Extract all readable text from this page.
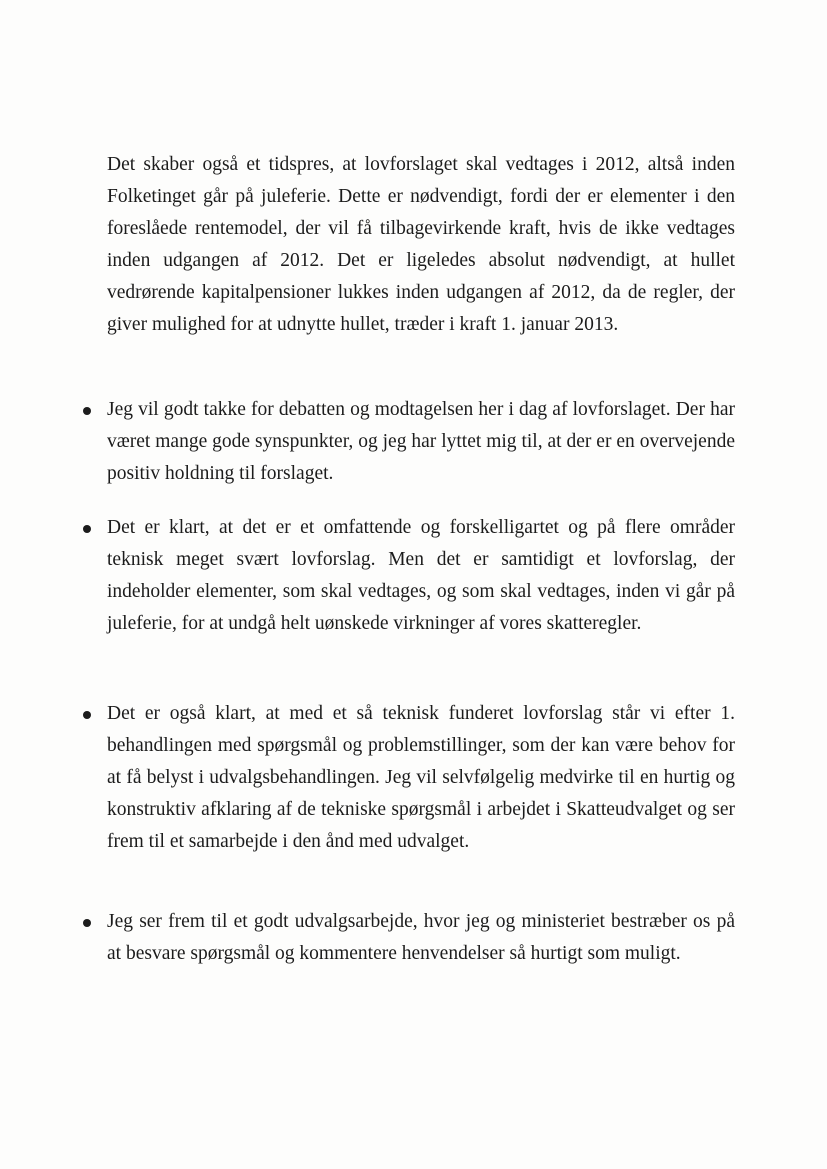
Det skaber også et tidspres, at lovforslaget skal vedtages i 2012, altså inden Folketinget går på juleferie. Dette er nødvendigt, fordi der er elementer i den foreslåede rentemodel, der vil få tilbagevirkende kraft, hvis de ikke vedtages inden udgangen af 2012. Det er ligeledes absolut nødvendigt, at hullet vedrørende kapitalpensioner lukkes inden udgangen af 2012, da de regler, der giver mulighed for at udnytte hullet, træder i kraft 1. januar 2013.

Jeg vil godt takke for debatten og modtagelsen her i dag af lovforslaget. Der har været mange gode synspunkter, og jeg har lyttet mig til, at der er en overvejende positiv holdning til forslaget.

Det er klart, at det er et omfattende og forskelligartet og på flere områder teknisk meget svært lovforslag. Men det er samtidigt et lovforslag, der indeholder elementer, som skal vedtages, og som skal vedtages, inden vi går på juleferie, for at undgå helt uønskede virkninger af vores skatteregler.

Det er også klart, at med et så teknisk funderet lovforslag står vi efter 1. behandlingen med spørgsmål og problemstillinger, som der kan være behov for at få belyst i udvalgsbehandlingen. Jeg vil selvfølgelig medvirke til en hurtig og konstruktiv afklaring af de tekniske spørgsmål i arbejdet i Skatteudvalget og ser frem til et samarbejde i den ånd med udvalget.

Jeg ser frem til et godt udvalgsarbejde, hvor jeg og ministeriet bestræber os på at besvare spørgsmål og kommentere henvendelser så hurtigt som muligt.
